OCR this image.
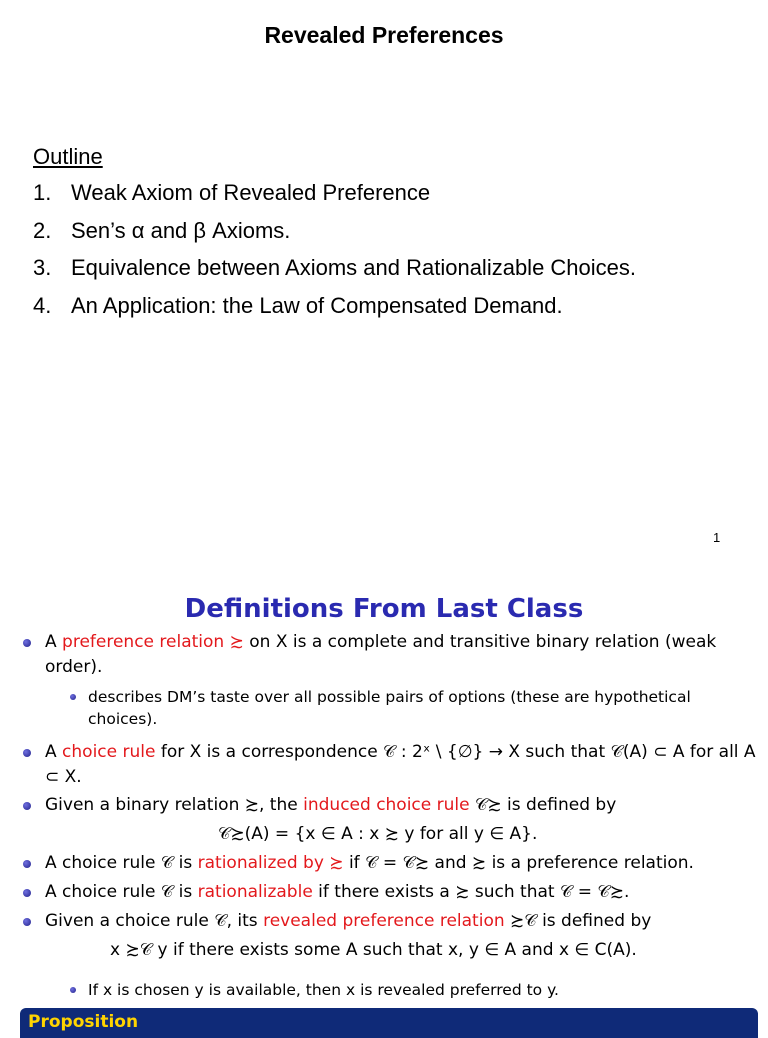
Revealed Preferences
Outline
1. Weak Axiom of Revealed Preference
2. Sen’s α and β Axioms.
3. Equivalence between Axioms and Rationalizable Choices.
4. An Application: the Law of Compensated Demand.
1
Definitions From Last Class
A preference relation ≿ on X is a complete and transitive binary relation (weak order).
describes DM’s taste over all possible pairs of options (these are hypothetical choices).
A choice rule for X is a correspondence 𝒞 : 2ˣ \ {∅} → X such that 𝒞(A) ⊂ A for all A ⊂ X.
Given a binary relation ≿, the induced choice rule 𝒞≿ is defined by
𝒞≿(A) = {x ∈ A : x ≿ y for all y ∈ A}.
A choice rule 𝒞 is rationalized by ≿ if 𝒞 = 𝒞≿ and ≿ is a preference relation.
A choice rule 𝒞 is rationalizable if there exists a ≿ such that 𝒞 = 𝒞≿.
Given a choice rule 𝒞, its revealed preference relation ≿𝒞 is defined by
x ≿𝒞 y if there exists some A such that x, y ∈ A and x ∈ C(A).
If x is chosen y is available, then x is revealed preferred to y.
Proposition
